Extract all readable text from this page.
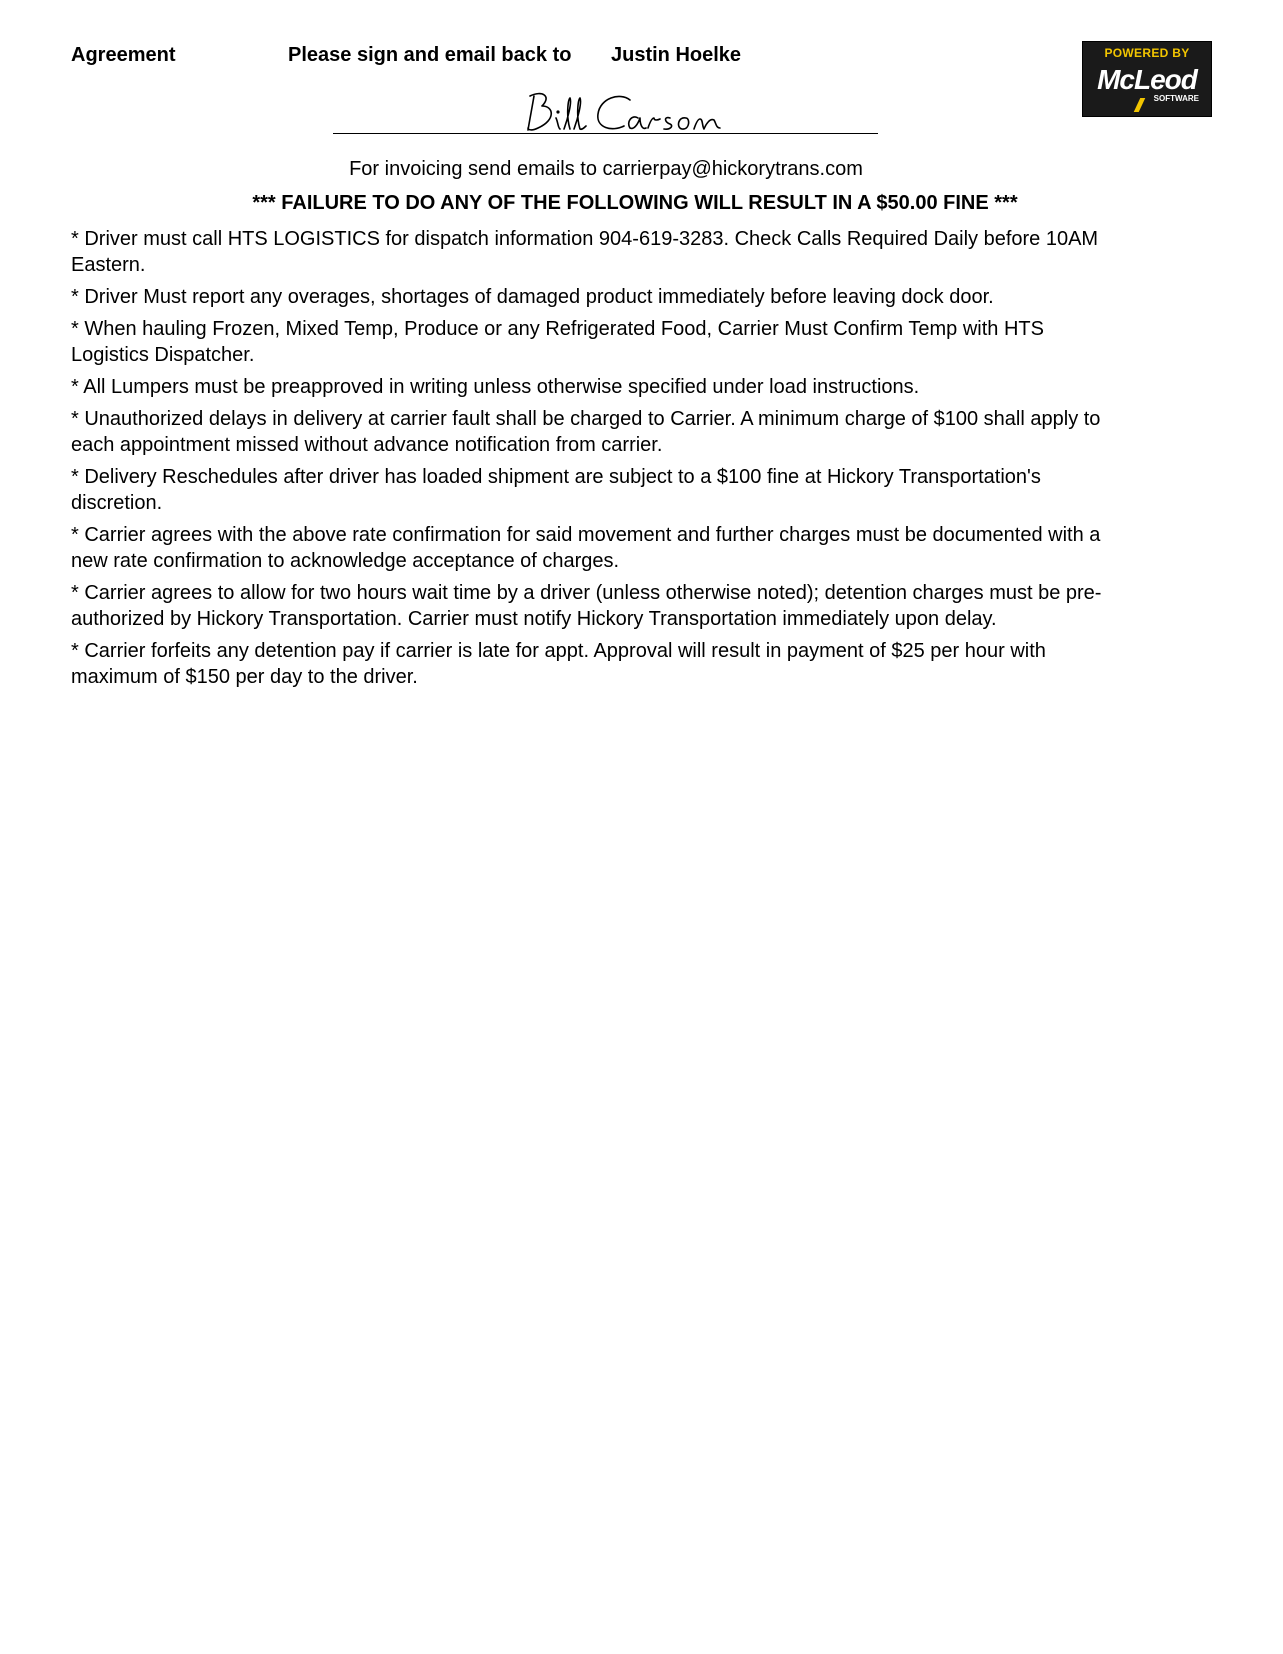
Agreement	Please sign and email back to Justin Hoelke
For invoicing send emails to carrierpay@hickorytrans.com
*** FAILURE TO DO ANY OF THE FOLLOWING WILL RESULT IN A $50.00 FINE ***
* Driver must call HTS LOGISTICS for dispatch information 904-619-3283. Check Calls Required Daily before 10AM Eastern.
* Driver Must report any overages, shortages of damaged product immediately before leaving dock door.
* When hauling Frozen, Mixed Temp, Produce or any Refrigerated Food, Carrier Must Confirm Temp with HTS Logistics Dispatcher.
* All Lumpers must be preapproved in writing unless otherwise specified under load instructions.
* Unauthorized delays in delivery at carrier fault shall be charged to Carrier. A minimum charge of $100 shall apply to each appointment missed without advance notification from carrier.
* Delivery Reschedules after driver has loaded shipment are subject to a $100 fine at Hickory Transportation's discretion.
* Carrier agrees with the above rate confirmation for said movement and further charges must be documented with a new rate confirmation to acknowledge acceptance of charges.
* Carrier agrees to allow for two hours wait time by a driver (unless otherwise noted); detention charges must be pre-authorized by Hickory Transportation. Carrier must notify Hickory Transportation immediately upon delay.
* Carrier forfeits any detention pay if carrier is late for appt. Approval will result in payment of $25 per hour with maximum of $150 per day to the driver.
POWERED BY
McLeod
SOFTWARE
